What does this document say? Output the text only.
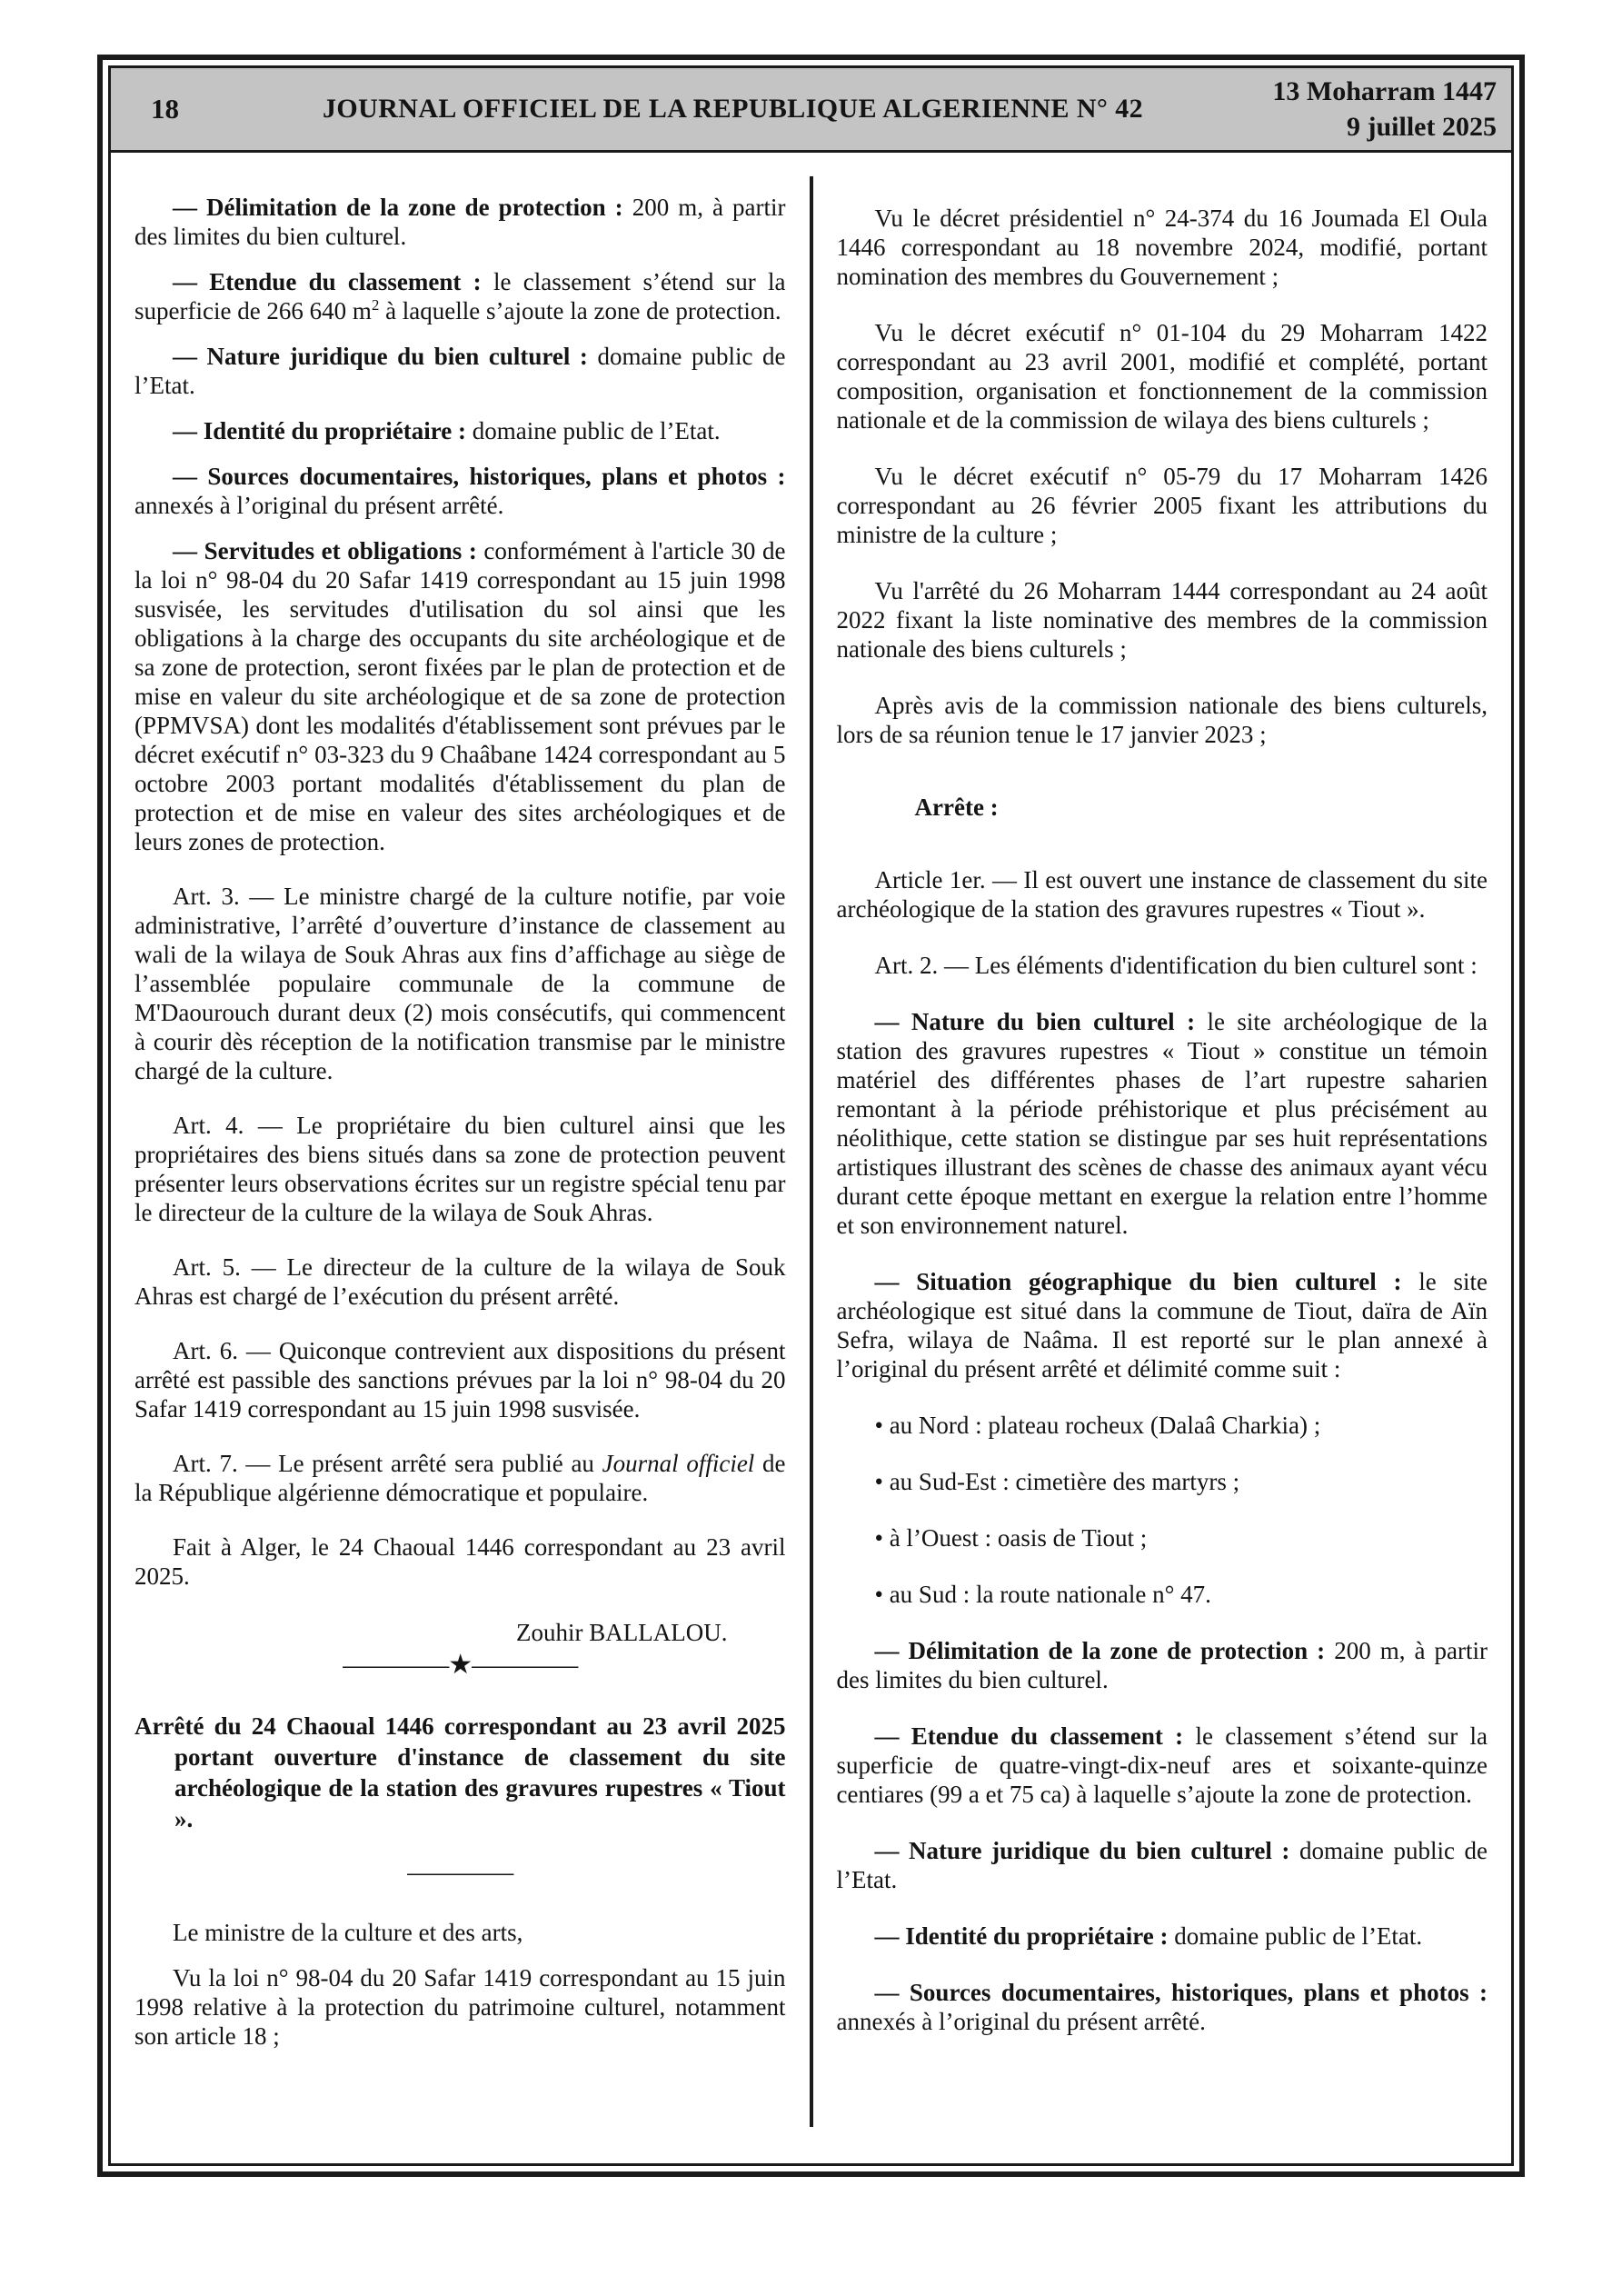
18	JOURNAL OFFICIEL DE LA REPUBLIQUE ALGERIENNE N° 42
13 Moharram 1447
9 juillet 2025

— Délimitation de la zone de protection : 200 m, à partir des limites du bien culturel.

— Etendue du classement : le classement s’étend sur la superficie de 266 640 $m^2$ à laquelle s’ajoute la zone de protection.

— Nature juridique du bien culturel : domaine public de l’Etat.

— Identité du propriétaire : domaine public de l’Etat.

— Sources documentaires, historiques, plans et photos : annexés à l’original du présent arrêté.

— Servitudes et obligations : conformément à l'article 30 de la loi n° 98-04 du 20 Safar 1419 correspondant au 15 juin 1998 susvisée, les servitudes d'utilisation du sol ainsi que les obligations à la charge des occupants du site archéologique et de sa zone de protection, seront fixées par le plan de protection et de mise en valeur du site archéologique et de sa zone de protection (PPMVSA) dont les modalités d'établissement sont prévues par le décret exécutif n° 03-323 du 9 Chaâbane 1424 correspondant au 5 octobre 2003 portant modalités d'établissement du plan de protection et de mise en valeur des sites archéologiques et de leurs zones de protection.

Art. 3. — Le ministre chargé de la culture notifie, par voie administrative, l’arrêté d’ouverture d’instance de classement au wali de la wilaya de Souk Ahras aux fins d’affichage au siège de l’assemblée populaire communale de la commune de M'Daourouch durant deux (2) mois consécutifs, qui commencent à courir dès réception de la notification transmise par le ministre chargé de la culture.

Art. 4. — Le propriétaire du bien culturel ainsi que les propriétaires des biens situés dans sa zone de protection peuvent présenter leurs observations écrites sur un registre spécial tenu par le directeur de la culture de la wilaya de Souk Ahras.

Art. 5. — Le directeur de la culture de la wilaya de Souk Ahras est chargé de l’exécution du présent arrêté.

Art. 6. — Quiconque contrevient aux dispositions du présent arrêté est passible des sanctions prévues par la loi n° 98-04 du 20 Safar 1419 correspondant au 15 juin 1998 susvisée.

Art. 7. — Le présent arrêté sera publié au Journal officiel de la République algérienne démocratique et populaire.

Fait à Alger, le 24 Chaoual 1446 correspondant au 23 avril 2025.

Zouhir BALLALOU.

————★————

Arrêté du 24 Chaoual 1446 correspondant au 23 avril 2025 portant ouverture d'instance de classement du site archéologique de la station des gravures rupestres « Tiout ».

————

Le ministre de la culture et des arts,

Vu la loi n° 98-04 du 20 Safar 1419 correspondant au 15 juin 1998 relative à la protection du patrimoine culturel, notamment son article 18 ;

Vu le décret présidentiel n° 24-374 du 16 Joumada El Oula 1446 correspondant au 18 novembre 2024, modifié, portant nomination des membres du Gouvernement ;

Vu le décret exécutif n° 01-104 du 29 Moharram 1422 correspondant au 23 avril 2001, modifié et complété, portant composition, organisation et fonctionnement de la commission nationale et de la commission de wilaya des biens culturels ;

Vu le décret exécutif n° 05-79 du 17 Moharram 1426 correspondant au 26 février 2005 fixant les attributions du ministre de la culture ;

Vu l'arrêté du 26 Moharram 1444 correspondant au 24 août 2022 fixant la liste nominative des membres de la commission nationale des biens culturels ;

Après avis de la commission nationale des biens culturels, lors de sa réunion tenue le 17 janvier 2023 ;

Arrête :

Article 1er. — Il est ouvert une instance de classement du site archéologique de la station des gravures rupestres « Tiout ».

Art. 2. — Les éléments d'identification du bien culturel sont :

— Nature du bien culturel : le site archéologique de la station des gravures rupestres « Tiout » constitue un témoin matériel des différentes phases de l’art rupestre saharien remontant à la période préhistorique et plus précisément au néolithique, cette station se distingue par ses huit représentations artistiques illustrant des scènes de chasse des animaux ayant vécu durant cette époque mettant en exergue la relation entre l’homme et son environnement naturel.

— Situation géographique du bien culturel : le site archéologique est situé dans la commune de Tiout, daïra de Aïn Sefra, wilaya de Naâma. Il est reporté sur le plan annexé à l’original du présent arrêté et délimité comme suit :

• au Nord : plateau rocheux (Dalaâ Charkia) ;

• au Sud-Est : cimetière des martyrs ;

• à l’Ouest : oasis de Tiout ;

• au Sud : la route nationale n° 47.

— Délimitation de la zone de protection : 200 m, à partir des limites du bien culturel.

— Etendue du classement : le classement s’étend sur la superficie de quatre-vingt-dix-neuf ares et soixante-quinze centiares (99 a et 75 ca) à laquelle s’ajoute la zone de protection.

— Nature juridique du bien culturel : domaine public de l’Etat.

— Identité du propriétaire : domaine public de l’Etat.

— Sources documentaires, historiques, plans et photos : annexés à l’original du présent arrêté.
